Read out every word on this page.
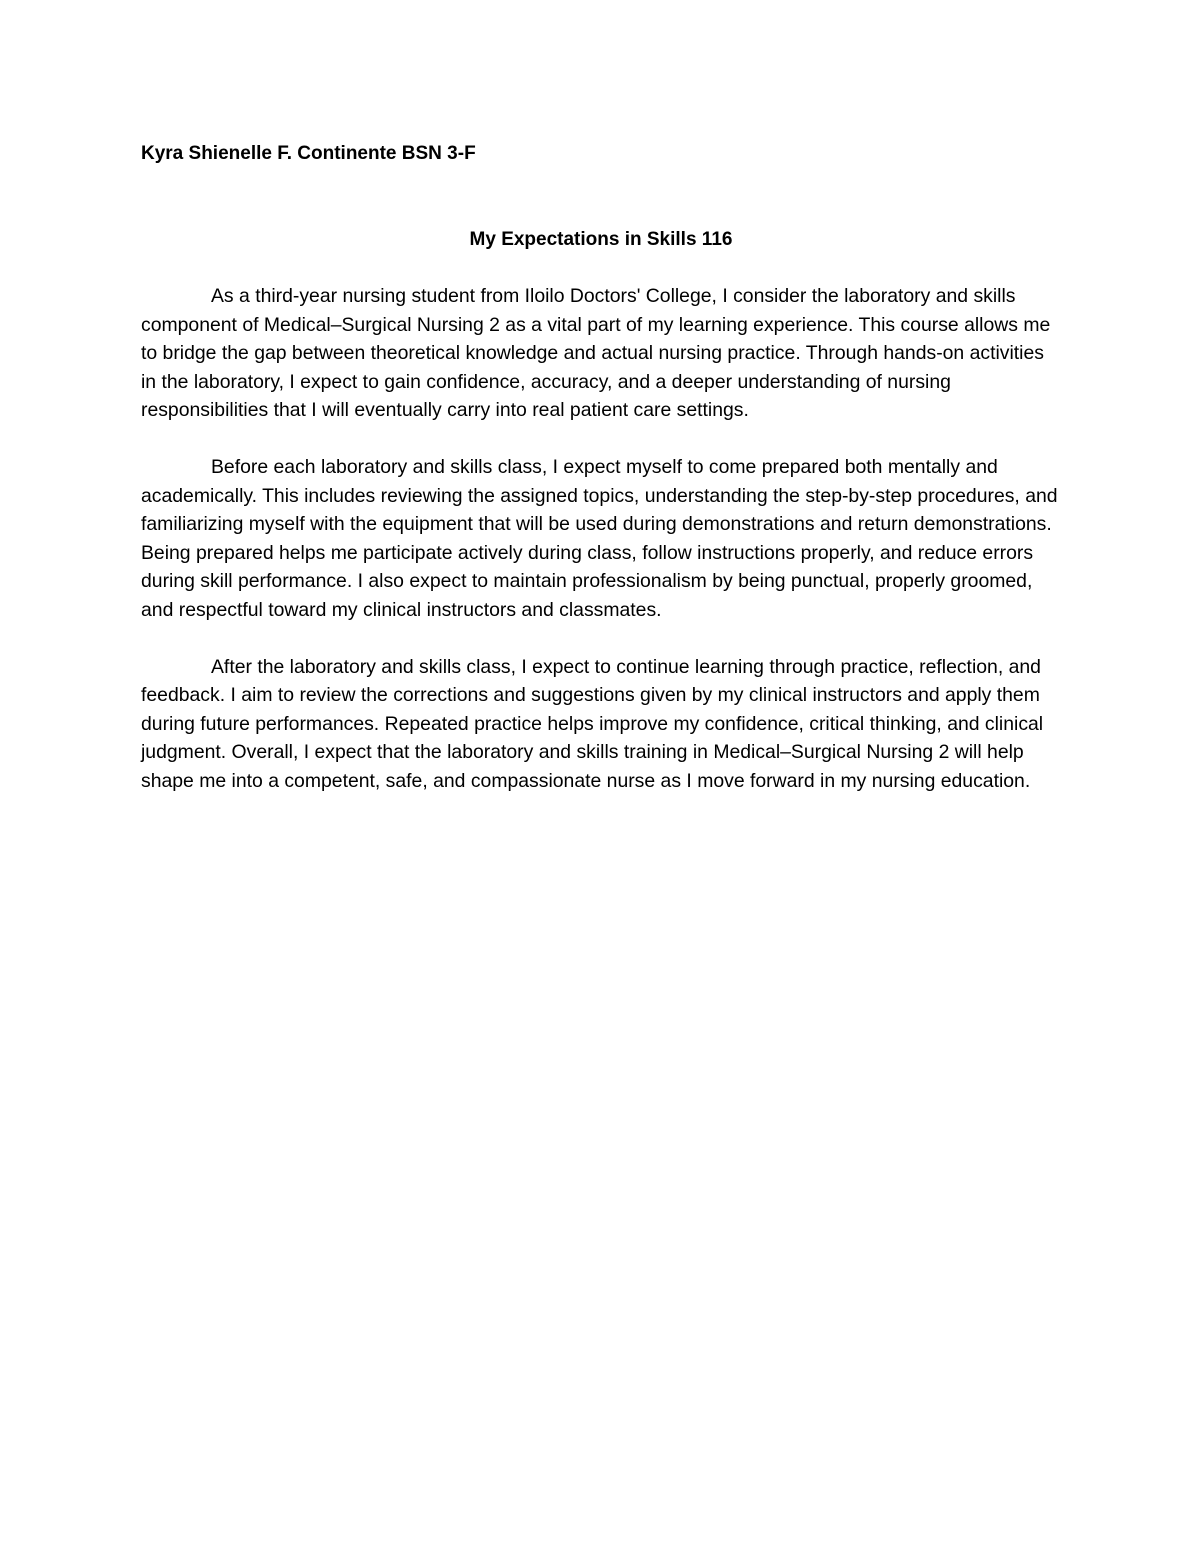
Kyra Shienelle F. Continente BSN 3-F

My Expectations in Skills 116

As a third-year nursing student from Iloilo Doctors' College, I consider the laboratory and skills component of Medical–Surgical Nursing 2 as a vital part of my learning experience. This course allows me to bridge the gap between theoretical knowledge and actual nursing practice. Through hands-on activities in the laboratory, I expect to gain confidence, accuracy, and a deeper understanding of nursing responsibilities that I will eventually carry into real patient care settings.

Before each laboratory and skills class, I expect myself to come prepared both mentally and academically. This includes reviewing the assigned topics, understanding the step-by-step procedures, and familiarizing myself with the equipment that will be used during demonstrations and return demonstrations. Being prepared helps me participate actively during class, follow instructions properly, and reduce errors during skill performance. I also expect to maintain professionalism by being punctual, properly groomed, and respectful toward my clinical instructors and classmates.

After the laboratory and skills class, I expect to continue learning through practice, reflection, and feedback. I aim to review the corrections and suggestions given by my clinical instructors and apply them during future performances. Repeated practice helps improve my confidence, critical thinking, and clinical judgment. Overall, I expect that the laboratory and skills training in Medical–Surgical Nursing 2 will help shape me into a competent, safe, and compassionate nurse as I move forward in my nursing education.
